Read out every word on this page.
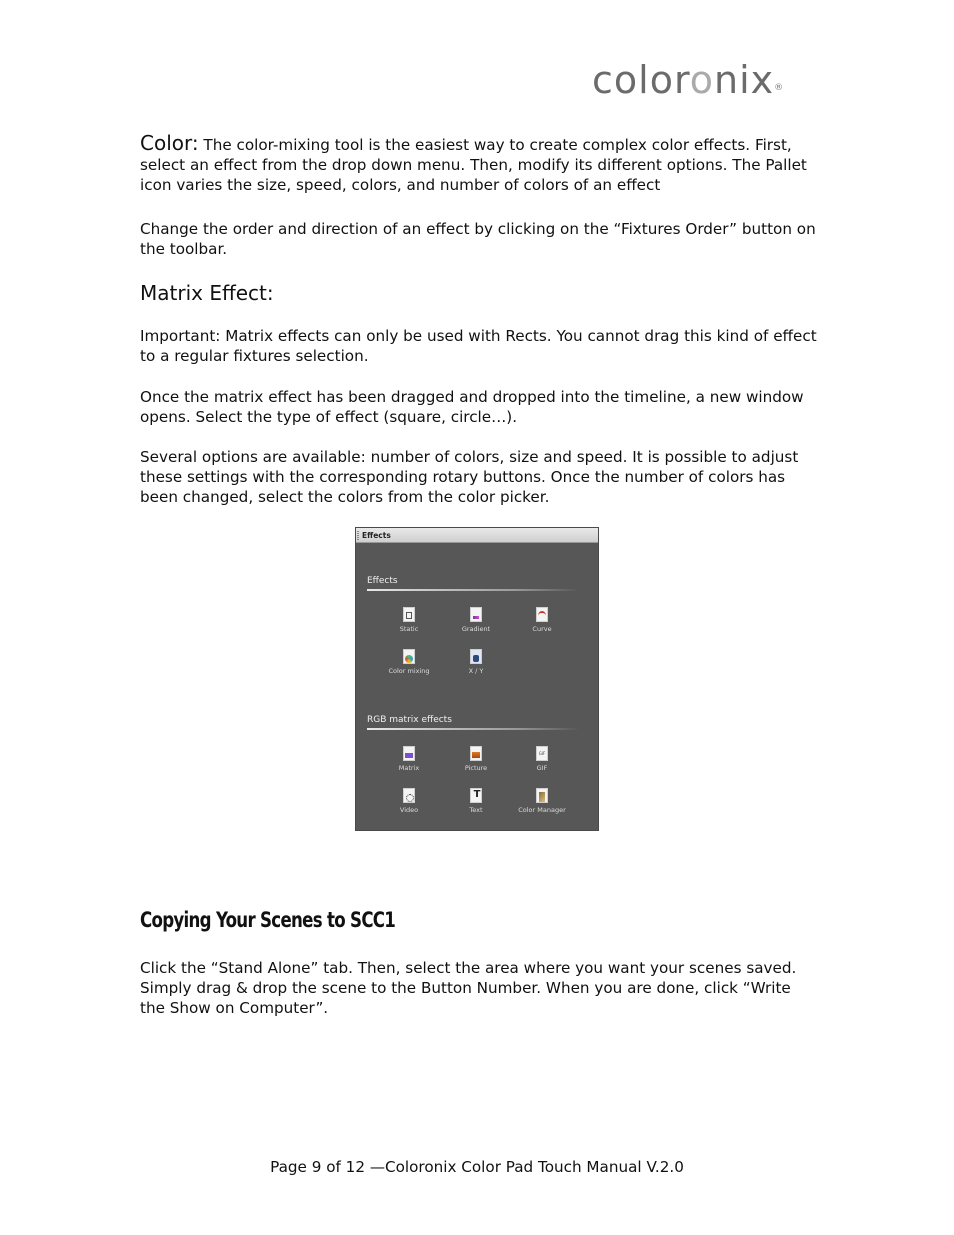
coloronix®

Color: The color-mixing tool is the easiest way to create complex color effects. First, select an effect from the drop down menu. Then, modify its different options. The Pallet icon varies the size, speed, colors, and number of colors of an effect

Change the order and direction of an effect by clicking on the “Fixtures Order” button on the toolbar.

Matrix Effect:

Important: Matrix effects can only be used with Rects. You cannot drag this kind of effect to a regular fixtures selection.

Once the matrix effect has been dragged and dropped into the timeline, a new window opens. Select the type of effect (square, circle…).

Several options are available: number of colors, size and speed. It is possible to adjust these settings with the corresponding rotary buttons. Once the number of colors has been changed, select the colors from the color picker.

Effects

Effects

Static	Gradient	Curve
Color mixing	X / Y

RGB matrix effects

Matrix	Picture
GIF	GIF
Video
T	Text	Color Manager
Copying Your Scenes to SCC1

Click the “Stand Alone” tab. Then, select the area where you want your scenes saved. Simply drag & drop the scene to the Button Number. When you are done, click “Write the Show on Computer”.

Page 9 of 12 —Coloronix Color Pad Touch Manual V.2.0
